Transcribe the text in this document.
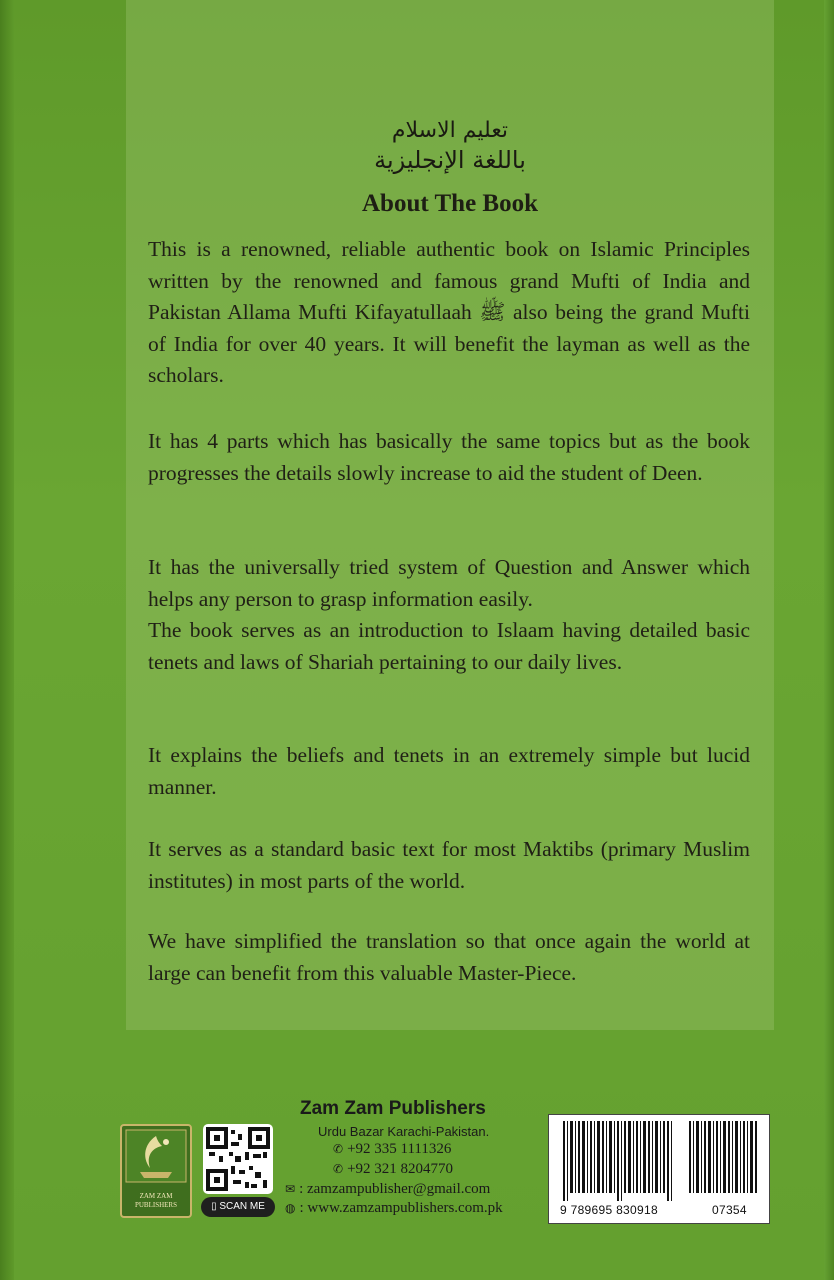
تعليم الاسلام
باللغة الإنجليزية
About The Book

This is a renowned, reliable authentic book on Islamic Principles written by the renowned and famous grand Mufti of India and Pakistan Allama Mufti Kifayatullaah ﷺ also being the grand Mufti of India for over 40 years. It will benefit the layman as well as the scholars.

It has 4 parts which has basically the same topics but as the book progresses the details slowly increase to aid the student of Deen.

It has the universally tried system of Question and Answer which helps any person to grasp information easily.

The book serves as an introduction to Islaam having detailed basic tenets and laws of Shariah pertaining to our daily lives.

It explains the beliefs and tenets in an extremely simple but lucid manner.

It serves as a standard basic text for most Maktibs (primary Muslim institutes) in most parts of the world.

We have simplified the translation so that once again the world at large can benefit from this valuable Master-Piece.

ZAM ZAM
PUBLISHERS	▯ SCAN ME
Zam Zam Publishers
Urdu Bazar Karachi-Pakistan.
✆ +92 335 1111326
✆ +92 321 8204770
✉ : zamzampublisher@gmail.com
◍ : www.zamzampublishers.com.pk	9 789695 830918	07354
